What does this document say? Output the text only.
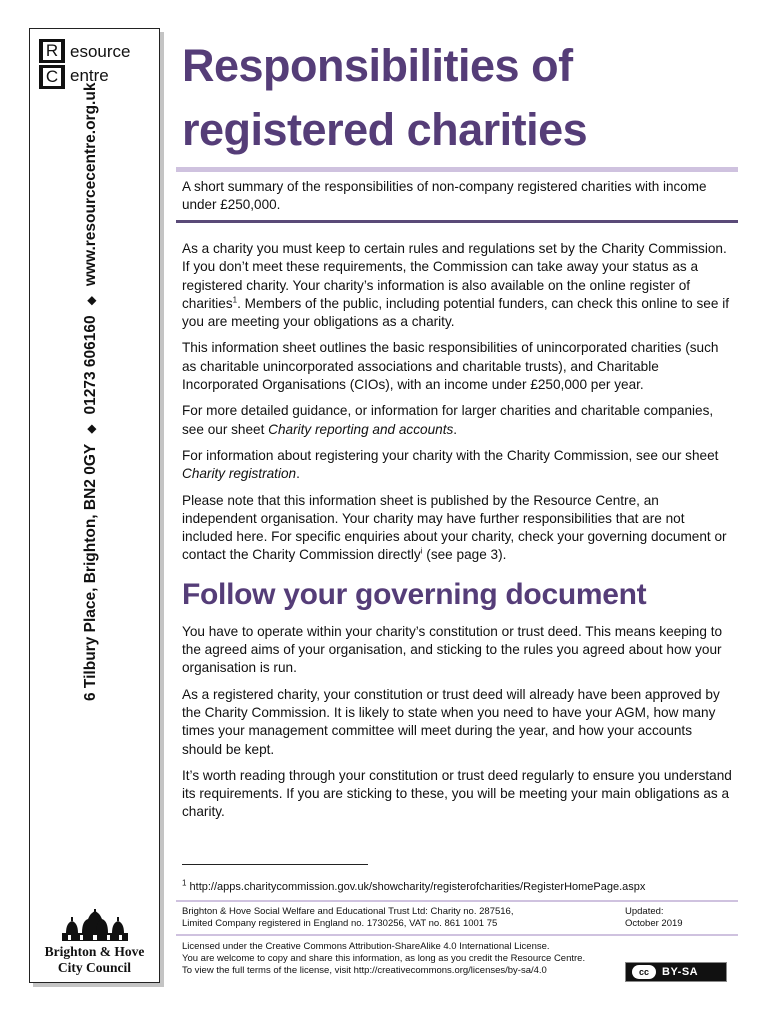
R esource
C entre
6 Tilbury Place, Brighton, BN2 0GY◆01273 606160◆www.resourcecentre.org.uk
Brighton & Hove
City Council
Responsibilities of registered charities

A short summary of the responsibilities of non-company registered charities with income under £250,000.

As a charity you must keep to certain rules and regulations set by the Charity Commission. If you don’t meet these requirements, the Commission can take away your status as a registered charity. Your charity’s information is also available on the online register of charities$^1$. Members of the public, including potential funders, can check this online to see if you are meeting your obligations as a charity.

This information sheet outlines the basic responsibilities of unincorporated charities (such as charitable unincorporated associations and charitable trusts), and Charitable Incorporated Organisations (CIOs), with an income under £250,000 per year.

For more detailed guidance, or information for larger charities and charitable companies, see our sheet Charity reporting and accounts.

For information about registering your charity with the Charity Commission, see our sheet Charity registration.

Please note that this information sheet is published by the Resource Centre, an independent organisation. Your charity may have further responsibilities that are not included here. For specific enquiries about your charity, check your governing document or contact the Charity Commission directly$^i$ (see page 3).

Follow your governing document

You have to operate within your charity’s constitution or trust deed. This means keeping to the agreed aims of your organisation, and sticking to the rules you agreed about how your organisation is run.

As a registered charity, your constitution or trust deed will already have been approved by the Charity Commission. It is likely to state when you need to have your AGM, how many times your management committee will meet during the year, and how your accounts should be kept.

It’s worth reading through your constitution or trust deed regularly to ensure you understand its requirements. If you are sticking to these, you will be meeting your main obligations as a charity.

$^1$ http://apps.charitycommission.gov.uk/showcharity/registerofcharities/RegisterHomePage.aspx
Brighton & Hove Social Welfare and Educational Trust Ltd: Charity no. 287516,
Limited Company registered in England no. 1730256, VAT no. 861 1001 75
Updated:
October 2019
Licensed under the Creative Commons Attribution-ShareAlike 4.0 International License.
You are welcome to copy and share this information, as long as you credit the Resource Centre.
To view the full terms of the license, visit http://creativecommons.org/licenses/by-sa/4.0	cc	BY-SA
